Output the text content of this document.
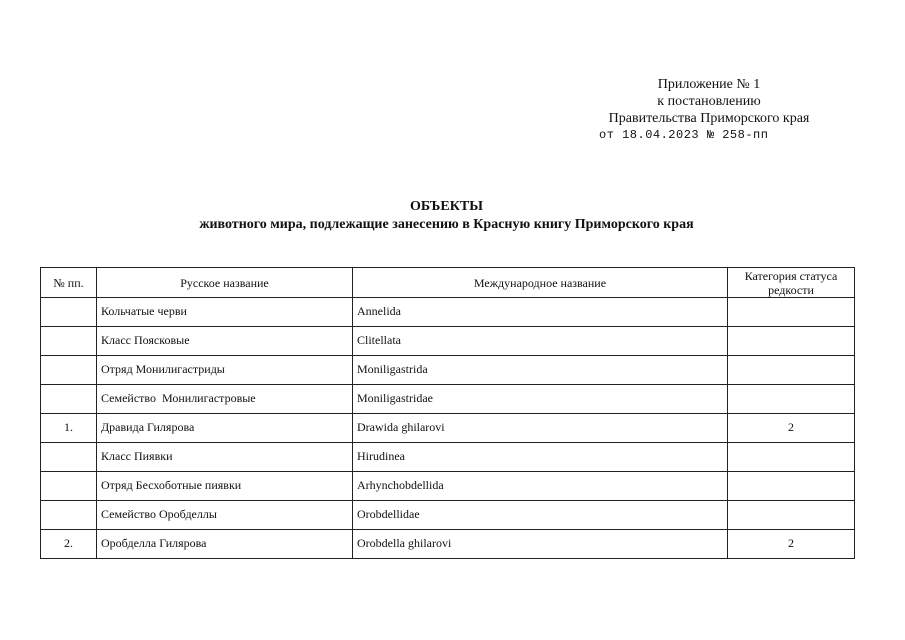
Приложение № 1
к постановлению
Правительства Приморского края
от 18.04.2023 № 258-пп
ОБЪЕКТЫ
животного мира, подлежащие занесению в Красную книгу Приморского края
№ пп.	Русское название	Международное название	Категория статуса редкости
	Кольчатые черви	Annelida	
	Класс Поясковые	Clitellata	
	Отряд Монилигастриды	Moniligastrida	
	Семейство  Монилигастровые	Moniligastridae	
1.	Дравида Гилярова	Drawida ghilarovi	2
	Класс Пиявки	Hirudinea	
	Отряд Бесхоботные пиявки	Arhynchobdellida	
	Семейство Оробделлы	Orobdellidae	
2.	Оробделла Гилярова	Orobdella ghilarovi	2
